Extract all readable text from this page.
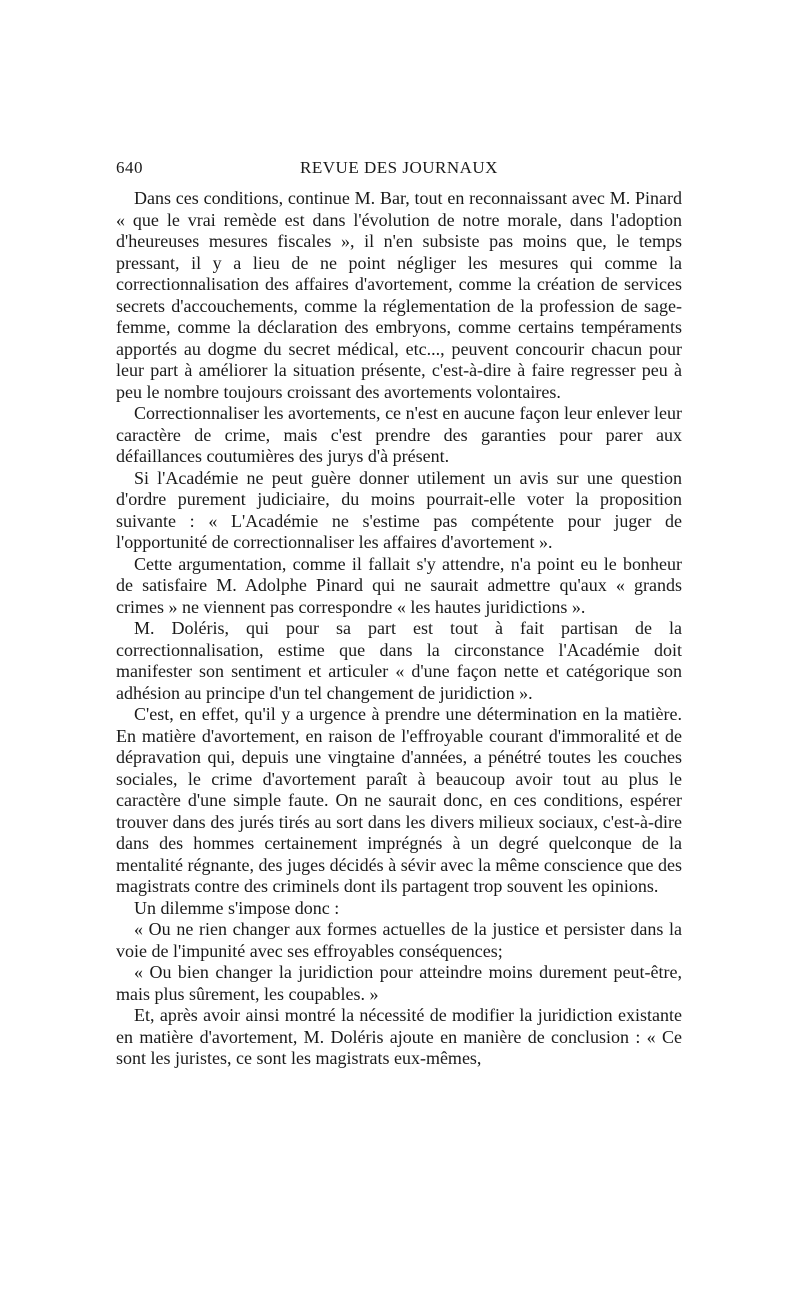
640	REVUE DES JOURNAUX

Dans ces conditions, continue M. Bar, tout en reconnaissant avec M. Pinard « que le vrai remède est dans l'évolution de notre morale, dans l'adoption d'heureuses mesures fiscales », il n'en subsiste pas moins que, le temps pressant, il y a lieu de ne point négliger les mesures qui comme la correctionnalisation des affaires d'avortement, comme la création de services secrets d'accouchements, comme la réglementation de la profession de sage-femme, comme la déclaration des embryons, comme certains tempéraments apportés au dogme du secret médical, etc..., peuvent concourir chacun pour leur part à améliorer la situation présente, c'est-à-dire à faire regresser peu à peu le nombre toujours croissant des avortements volontaires.

Correctionnaliser les avortements, ce n'est en aucune façon leur enlever leur caractère de crime, mais c'est prendre des garanties pour parer aux défaillances coutumières des jurys d'à présent.

Si l'Académie ne peut guère donner utilement un avis sur une question d'ordre purement judiciaire, du moins pourrait-elle voter la proposition suivante : « L'Académie ne s'estime pas compétente pour juger de l'opportunité de correctionnaliser les affaires d'avortement ».

Cette argumentation, comme il fallait s'y attendre, n'a point eu le bonheur de satisfaire M. Adolphe Pinard qui ne saurait admettre qu'aux « grands crimes » ne viennent pas correspondre « les hautes juridictions ».

M. Doléris, qui pour sa part est tout à fait partisan de la correctionnalisation, estime que dans la circonstance l'Académie doit manifester son sentiment et articuler « d'une façon nette et catégorique son adhésion au principe d'un tel changement de juridiction ».

C'est, en effet, qu'il y a urgence à prendre une détermination en la matière. En matière d'avortement, en raison de l'effroyable courant d'immoralité et de dépravation qui, depuis une vingtaine d'années, a pénétré toutes les couches sociales, le crime d'avortement paraît à beaucoup avoir tout au plus le caractère d'une simple faute. On ne saurait donc, en ces conditions, espérer trouver dans des jurés tirés au sort dans les divers milieux sociaux, c'est-à-dire dans des hommes certainement imprégnés à un degré quelconque de la mentalité régnante, des juges décidés à sévir avec la même conscience que des magistrats contre des criminels dont ils partagent trop souvent les opinions.

Un dilemme s'impose donc :

« Ou ne rien changer aux formes actuelles de la justice et persister dans la voie de l'impunité avec ses effroyables conséquences;

« Ou bien changer la juridiction pour atteindre moins durement peut-être, mais plus sûrement, les coupables. »

Et, après avoir ainsi montré la nécessité de modifier la juridiction existante en matière d'avortement, M. Doléris ajoute en manière de conclusion : « Ce sont les juristes, ce sont les magistrats eux-mêmes,
